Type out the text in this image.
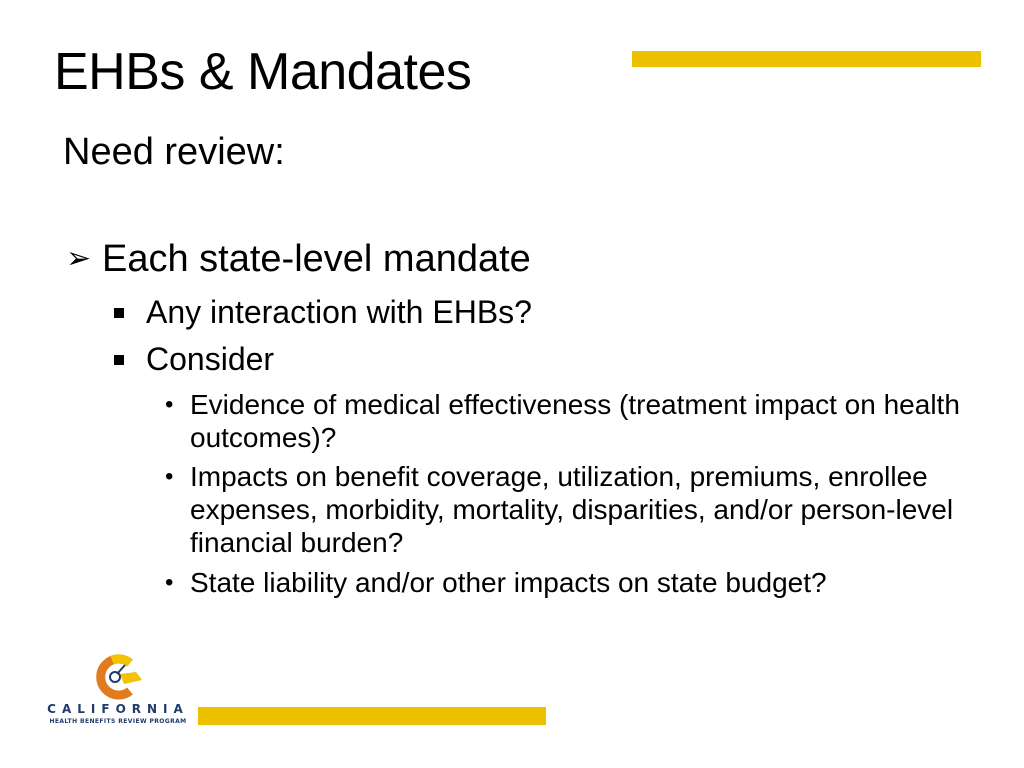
EHBs & Mandates
Need review:
➢ Each state-level mandate
Any interaction with EHBs?
Consider
• Evidence of medical effectiveness (treatment impact on health outcomes)?
• Impacts on benefit coverage, utilization, premiums, enrollee expenses, morbidity, mortality, disparities, and/or person-level financial burden?
• State liability and/or other impacts on state budget?
CALIFORNIA
HEALTH BENEFITS REVIEW PROGRAM
